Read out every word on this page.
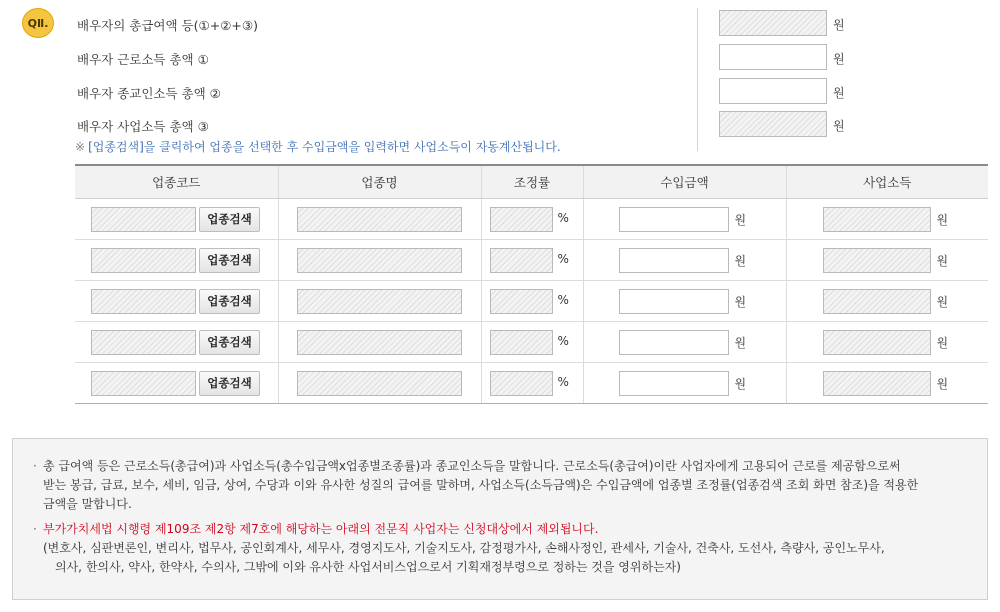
QⅡ.	배우자의 총급여액 등(①+②+③)	원
배우자 근로소득 총액 ①	원
배우자 종교인소득 총액 ②	원
배우자 사업소득 총액 ③	원
※ [업종검색]을 클릭하여 업종을 선택한 후 수입금액을 입력하면 사업소득이 자동계산됩니다.
업종코드	업종명	조정률	수입금액	사업소득

업종검색		%	원	원

업종검색		%	원	원

업종검색		%	원	원

업종검색		%	원	원

업종검색		%	원	원
· 총 급여액 등은 근로소득(총급여)과 사업소득(총수입금액x업종별조종률)과 종교인소득을 말합니다. 근로소득(총급여)이란 사업자에게 고용되어 근로를 제공함으로써
받는 봉급, 급료, 보수, 세비, 임금, 상여, 수당과 이와 유사한 성질의 급여를 말하며, 사업소득(소득금액)은 수입금액에 업종별 조정률(업종검색 조회 화면 참조)을 적용한
금액을 말합니다.
· 부가가치세법 시행령 제109조 제2항 제7호에 해당하는 아래의 전문직 사업자는 신청대상에서 제외됩니다.
(변호사, 심판변론인, 변리사, 법무사, 공인회계사, 세무사, 경영지도사, 기술지도사, 감정평가사, 손해사정인, 관세사, 기술사, 건축사, 도선사, 측량사, 공인노무사,
의사, 한의사, 약사, 한약사, 수의사, 그밖에 이와 유사한 사업서비스업으로서 기획재정부령으로 정하는 것을 영위하는자)
